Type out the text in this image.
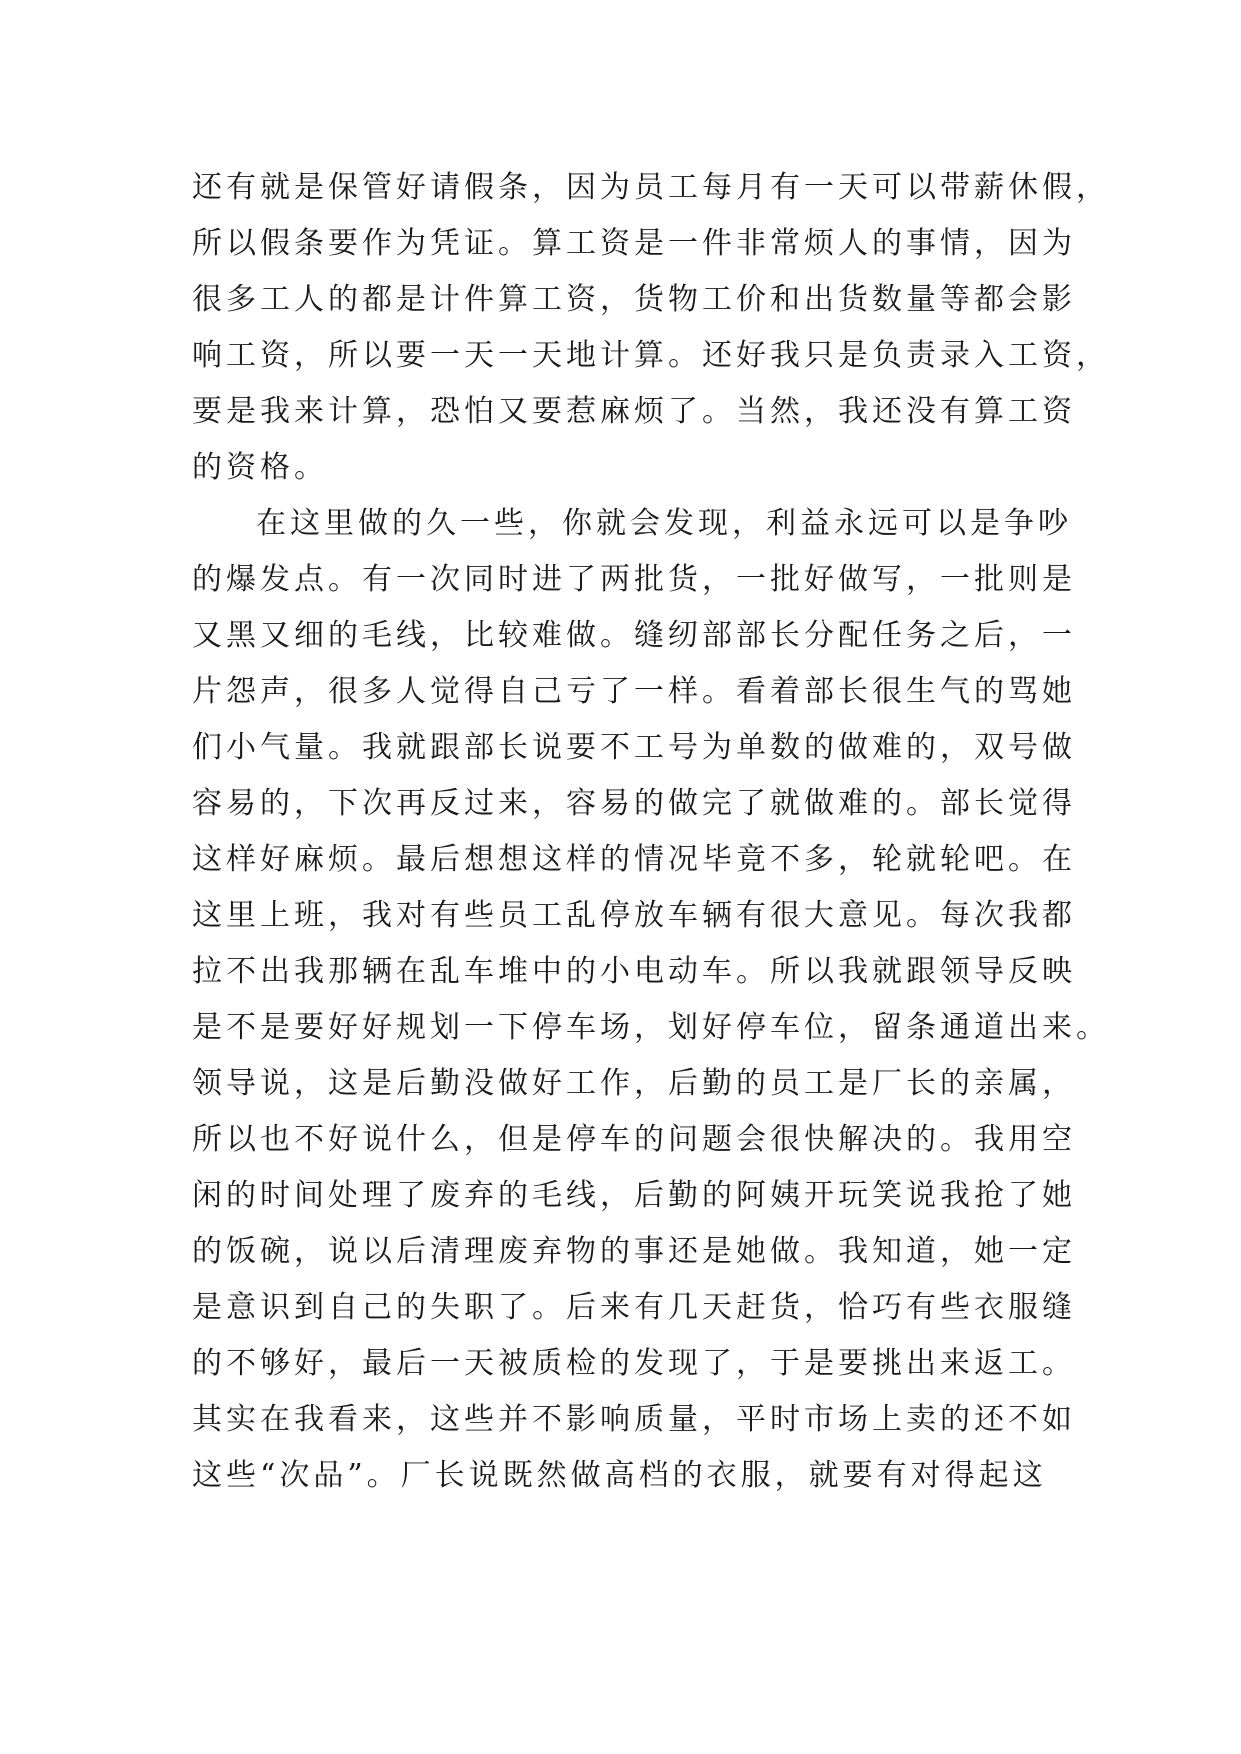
还有就是保管好请假条，因为员工每月有一天可以带薪休假，
所以假条要作为凭证。算工资是一件非常烦人的事情，因为
很多工人的都是计件算工资，货物工价和出货数量等都会影
响工资，所以要一天一天地计算。还好我只是负责录入工资，
要是我来计算，恐怕又要惹麻烦了。当然，我还没有算工资
的资格。
在这里做的久一些，你就会发现，利益永远可以是争吵
的爆发点。有一次同时进了两批货，一批好做写，一批则是
又黑又细的毛线，比较难做。缝纫部部长分配任务之后，一
片怨声，很多人觉得自己亏了一样。看着部长很生气的骂她
们小气量。我就跟部长说要不工号为单数的做难的，双号做
容易的，下次再反过来，容易的做完了就做难的。部长觉得
这样好麻烦。最后想想这样的情况毕竟不多，轮就轮吧。在
这里上班，我对有些员工乱停放车辆有很大意见。每次我都
拉不出我那辆在乱车堆中的小电动车。所以我就跟领导反映
是不是要好好规划一下停车场，划好停车位，留条通道出来。
领导说，这是后勤没做好工作，后勤的员工是厂长的亲属，
所以也不好说什么，但是停车的问题会很快解决的。我用空
闲的时间处理了废弃的毛线，后勤的阿姨开玩笑说我抢了她
的饭碗，说以后清理废弃物的事还是她做。我知道，她一定
是意识到自己的失职了。后来有几天赶货，恰巧有些衣服缝
的不够好，最后一天被质检的发现了，于是要挑出来返工。
其实在我看来，这些并不影响质量，平时市场上卖的还不如
这些“次品”。厂长说既然做高档的衣服，就要有对得起这
